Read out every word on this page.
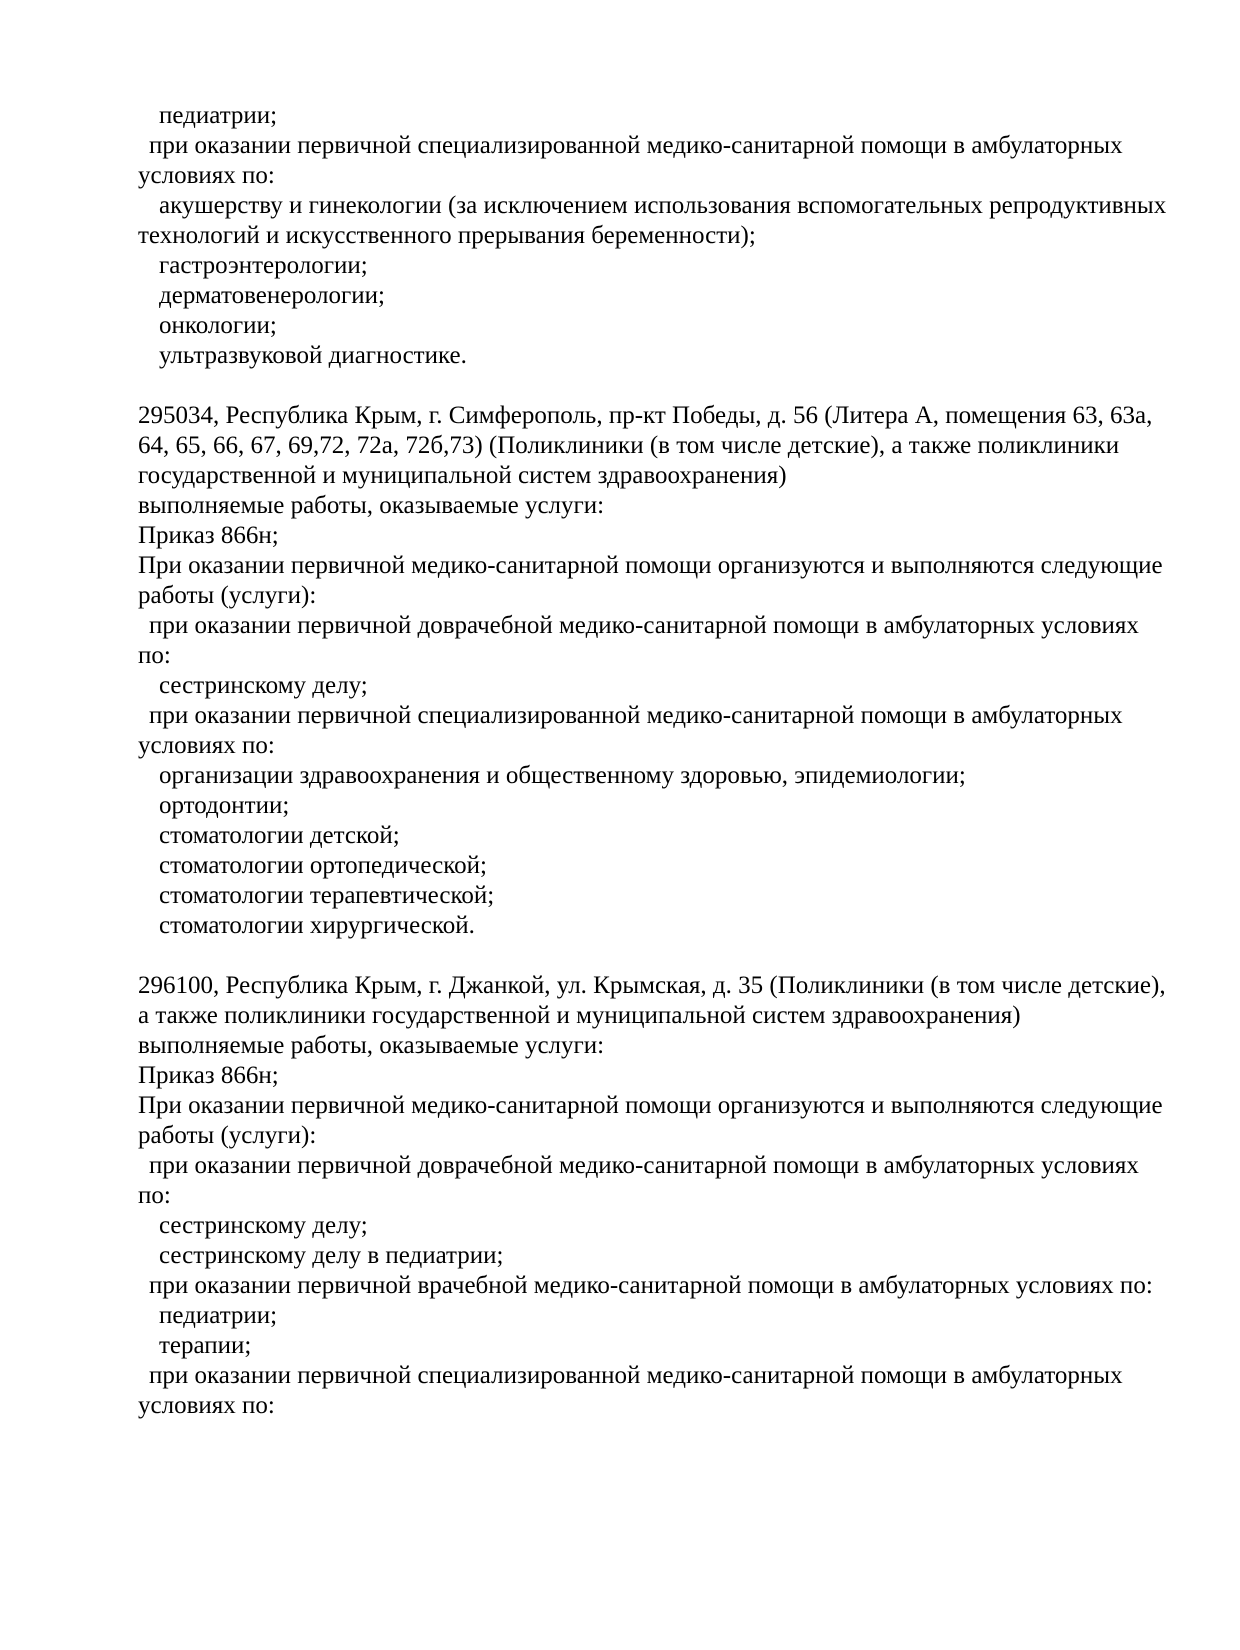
педиатрии;
при оказании первичной специализированной медико-санитарной помощи в амбулаторных
условиях по:
акушерству и гинекологии (за исключением использования вспомогательных репродуктивных
технологий и искусственного прерывания беременности);
гастроэнтерологии;
дерматовенерологии;
онкологии;
ультразвуковой диагностике.
295034, Республика Крым, г. Симферополь, пр-кт Победы, д. 56 (Литера А, помещения 63, 63а,
64, 65, 66, 67, 69,72, 72а, 72б,73) (Поликлиники (в том числе детские), а также поликлиники
государственной и муниципальной систем здравоохранения)
выполняемые работы, оказываемые услуги:
Приказ 866н;
При оказании первичной медико-санитарной помощи организуются и выполняются следующие
работы (услуги):
при оказании первичной доврачебной медико-санитарной помощи в амбулаторных условиях
по:
сестринскому делу;
при оказании первичной специализированной медико-санитарной помощи в амбулаторных
условиях по:
организации здравоохранения и общественному здоровью, эпидемиологии;
ортодонтии;
стоматологии детской;
стоматологии ортопедической;
стоматологии терапевтической;
стоматологии хирургической.
296100, Республика Крым, г. Джанкой, ул. Крымская, д. 35 (Поликлиники (в том числе детские),
а также поликлиники государственной и муниципальной систем здравоохранения)
выполняемые работы, оказываемые услуги:
Приказ 866н;
При оказании первичной медико-санитарной помощи организуются и выполняются следующие
работы (услуги):
при оказании первичной доврачебной медико-санитарной помощи в амбулаторных условиях
по:
сестринскому делу;
сестринскому делу в педиатрии;
при оказании первичной врачебной медико-санитарной помощи в амбулаторных условиях по:
педиатрии;
терапии;
при оказании первичной специализированной медико-санитарной помощи в амбулаторных
условиях по:
